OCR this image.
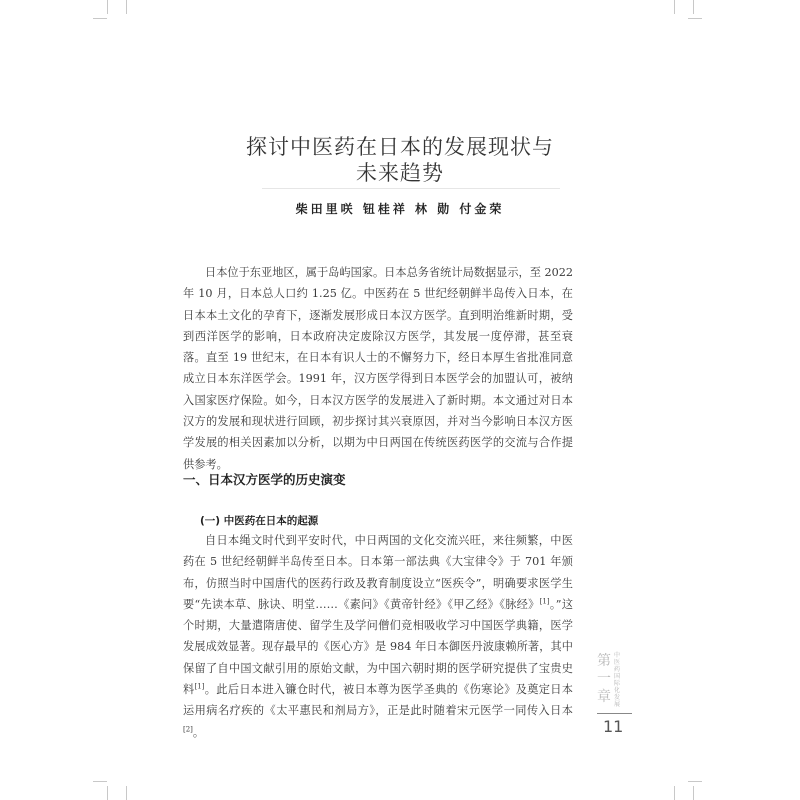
探讨中医药在日本的发展现状与
未来趋势
柴田里咲 钮桂祥 林 勋 付金荣

日本位于东亚地区，属于岛屿国家。日本总务省统计局数据显示，至 2022 年 10 月，日本总人口约 1.25 亿。中医药在 5 世纪经朝鲜半岛传入日本，在日本本土文化的孕育下，逐渐发展形成日本汉方医学。直到明治维新时期，受到西洋医学的影响，日本政府决定废除汉方医学，其发展一度停滞，甚至衰落。直至 19 世纪末，在日本有识人士的不懈努力下，经日本厚生省批准同意成立日本东洋医学会。1991 年，汉方医学得到日本医学会的加盟认可，被纳入国家医疗保险。如今，日本汉方医学的发展进入了新时期。本文通过对日本汉方的发展和现状进行回顾，初步探讨其兴衰原因，并对当今影响日本汉方医学发展的相关因素加以分析，以期为中日两国在传统医药医学的交流与合作提供参考。

一、日本汉方医学的历史演变
(一) 中医药在日本的起源

自日本绳文时代到平安时代，中日两国的文化交流兴旺，来往频繁，中医药在 5 世纪经朝鲜半岛传至日本。日本第一部法典《大宝律令》于 701 年颁布，仿照当时中国唐代的医药行政及教育制度设立“医疾令”，明确要求医学生要“先读本草、脉诀、明堂……《素问》《黄帝针经》《甲乙经》《脉经》[1]。”这个时期，大量遣隋唐使、留学生及学问僧们竞相吸收学习中国医学典籍，医学发展成效显著。现存最早的《医心方》是 984 年日本御医丹波康赖所著，其中保留了自中国文献引用的原始文献，为中国六朝时期的医学研究提供了宝贵史料[1]。此后日本进入镰仓时代，被日本尊为医学圣典的《伤寒论》及奠定日本运用病名疗疾的《太平惠民和剂局方》，正是此时随着宋元医学一同传入日本[2]。

第
一
章
中医药国际化发展
11
